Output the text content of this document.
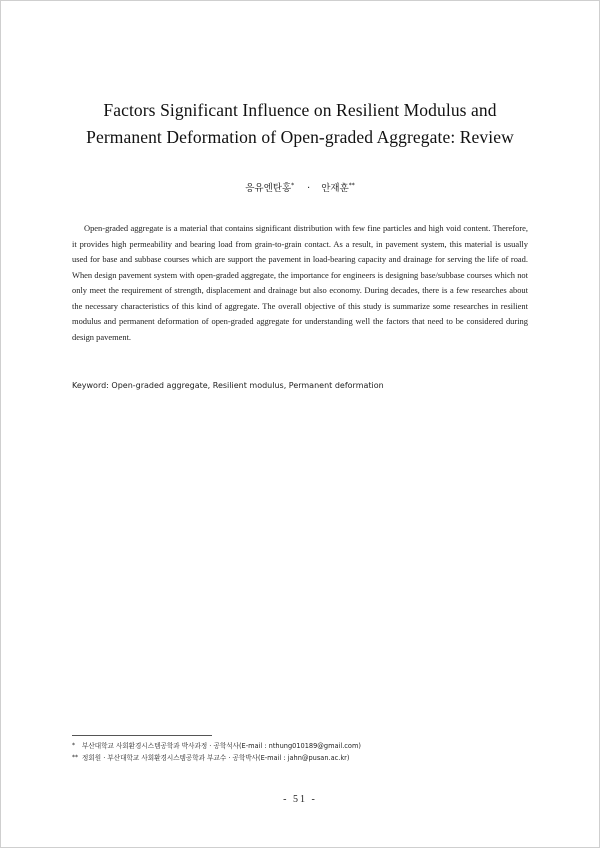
Factors Significant Influence on Resilient Modulus and
Permanent Deformation of Open-graded Aggregate: Review
응유엔탄홍* · 안재훈**

Open-graded aggregate is a material that contains significant distribution with few fine particles and high void content. Therefore, it provides high permeability and bearing load from grain-to-grain contact. As a result, in pavement system, this material is usually used for base and subbase courses which are support the pavement in load-bearing capacity and drainage for serving the life of road. When design pavement system with open-graded aggregate, the importance for engineers is designing base/subbase courses which not only meet the requirement of strength, displacement and drainage but also economy. During decades, there is a few researches about the necessary characteristics of this kind of aggregate. The overall objective of this study is summarize some researches in resilient modulus and permanent deformation of open-graded aggregate for understanding well the factors that need to be considered during design pavement.

Keyword: Open-graded aggregate, Resilient modulus, Permanent deformation
* 부산대학교 사회환경시스템공학과 박사과정 · 공학석사(E-mail : nthung010189@gmail.com)
** 정회원 · 부산대학교 사회환경시스템공학과 부교수 · 공학박사(E-mail : jahn@pusan.ac.kr)
- 51 -
